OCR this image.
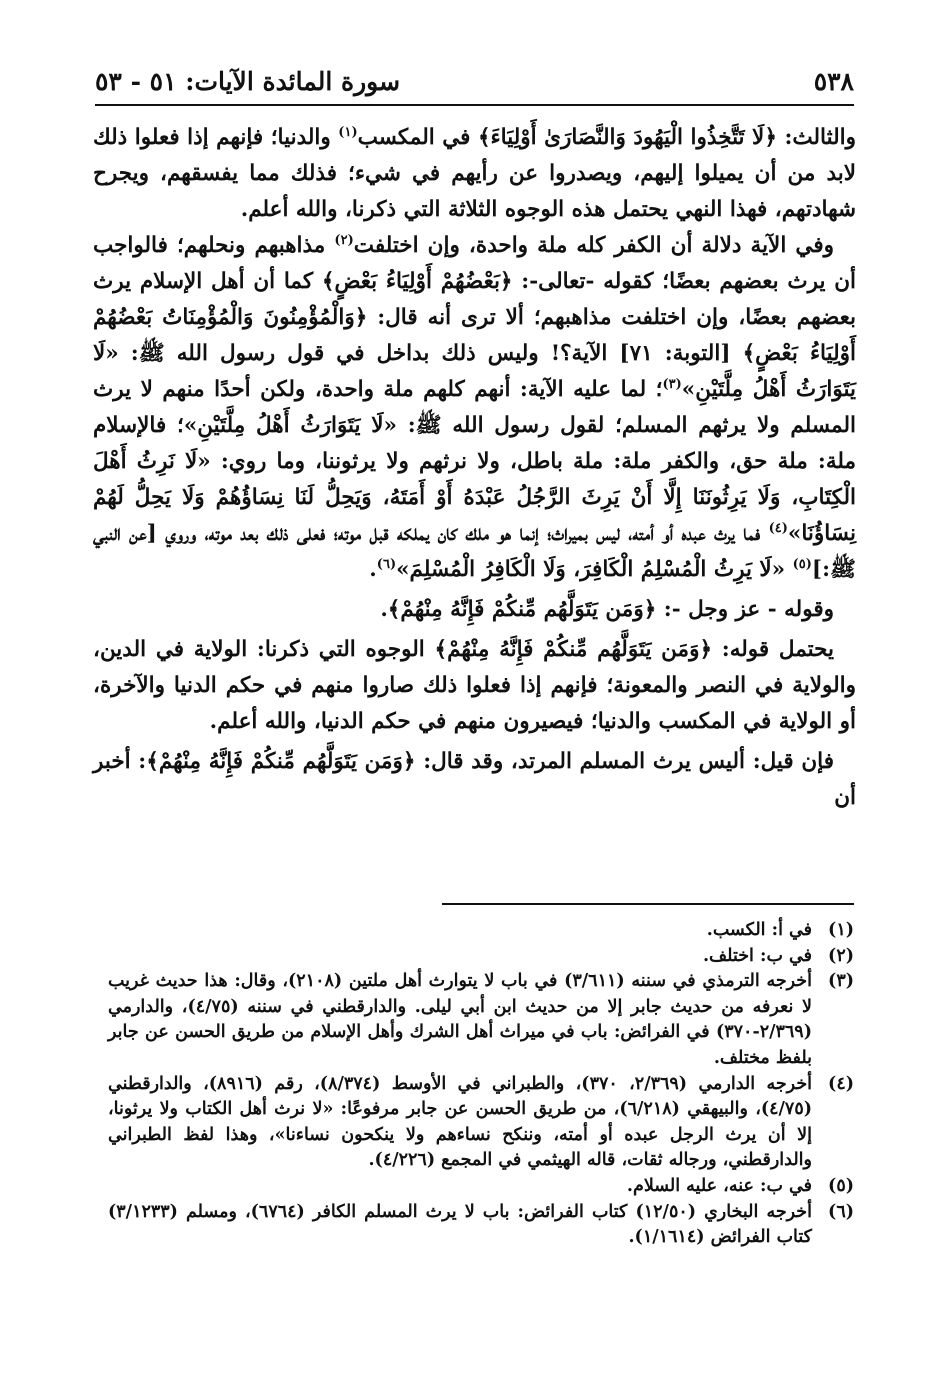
٥٣٨
سورة المائدة الآيات: ٥١ - ٥٣

والثالث: ﴿لَا تَتَّخِذُوا الْيَهُودَ وَالنَّصَارَىٰ أَوْلِيَاءَ﴾ في المكسب$^{(١)}$ والدنيا؛ فإنهم إذا فعلوا ذلك لابد من أن يميلوا إليهم، ويصدروا عن رأيهم في شيء؛ فذلك مما يفسقهم، ويجرح شهادتهم، فهذا النهي يحتمل هذه الوجوه الثلاثة التي ذكرنا، والله أعلم.

وفي الآية دلالة أن الكفر كله ملة واحدة، وإن اختلفت$^{(٢)}$ مذاهبهم ونحلهم؛ فالواجب أن يرث بعضهم بعضًا؛ كقوله -تعالى-: ﴿بَعْضُهُمْ أَوْلِيَاءُ بَعْضٍ﴾ كما أن أهل الإسلام يرث بعضهم بعضًا، وإن اختلفت مذاهبهم؛ ألا ترى أنه قال: ﴿وَالْمُؤْمِنُونَ وَالْمُؤْمِنَاتُ بَعْضُهُمْ أَوْلِيَاءُ بَعْضٍ﴾ [التوبة: ٧١] الآية؟! وليس ذلك بداخل في قول رسول الله ﷺ: «لَا يَتَوَارَثُ أَهْلُ مِلَّتَيْنِ»$^{(٣)}$؛ لما عليه الآية: أنهم كلهم ملة واحدة، ولكن أحدًا منهم لا يرث المسلم ولا يرثهم المسلم؛ لقول رسول الله ﷺ: «لَا يَتَوَارَثُ أَهْلُ مِلَّتَيْنِ»؛ فالإسلام ملة: ملة حق، والكفر ملة: ملة باطل، ولا نرثهم ولا يرثوننا، وما روي: «لَا نَرِثُ أَهْلَ الْكِتَابِ، وَلَا يَرِثُونَنَا إِلَّا أَنْ يَرِثَ الرَّجُلُ عَبْدَهُ أَوْ أَمَتَهُ، وَيَحِلُّ لَنَا نِسَاؤُهُمْ وَلَا يَحِلُّ لَهُمْ نِسَاؤُنَا»$^{(٤)}$ فما يرث عبده أو أمته، ليس بميراث؛ إنما هو ملك كان يملكه قبل موته؛ فعلى ذلك بعد موته، وروي [عن النبي ﷺ:]$^{(٥)}$ «لَا يَرِثُ الْمُسْلِمُ الْكَافِرَ، وَلَا الْكَافِرُ الْمُسْلِمَ»$^{(٦)}$.

وقوله - عز وجل -: ﴿وَمَن يَتَوَلَّهُم مِّنكُمْ فَإِنَّهُ مِنْهُمْ﴾.

يحتمل قوله: ﴿وَمَن يَتَوَلَّهُم مِّنكُمْ فَإِنَّهُ مِنْهُمْ﴾ الوجوه التي ذكرنا: الولاية في الدين، والولاية في النصر والمعونة؛ فإنهم إذا فعلوا ذلك صاروا منهم في حكم الدنيا والآخرة، أو الولاية في المكسب والدنيا؛ فيصيرون منهم في حكم الدنيا، والله أعلم.

فإن قيل: أليس يرث المسلم المرتد، وقد قال: ﴿وَمَن يَتَوَلَّهُم مِّنكُمْ فَإِنَّهُ مِنْهُمْ﴾: أخبر أن

(١)
في أ: الكسب.
(٢)
في ب: اختلف.
(٣)
أخرجه الترمذي في سننه (٣/٦١١) في باب لا يتوارث أهل ملتين (٢١٠٨)، وقال: هذا حديث غريب لا نعرفه من حديث جابر إلا من حديث ابن أبي ليلى. والدارقطني في سننه (٤/٧٥)، والدارمي (٢/٣٦٩-٣٧٠) في الفرائض: باب في ميراث أهل الشرك وأهل الإسلام من طريق الحسن عن جابر بلفظ مختلف.
(٤)
أخرجه الدارمي (٢/٣٦٩، ٣٧٠)، والطبراني في الأوسط (٨/٣٧٤)، رقم (٨٩١٦)، والدارقطني (٤/٧٥)، والبيهقي (٦/٢١٨)، من طريق الحسن عن جابر مرفوعًا: «لا نرث أهل الكتاب ولا يرثونا، إلا أن يرث الرجل عبده أو أمته، وننكح نساءهم ولا ينكحون نساءنا»، وهذا لفظ الطبراني والدارقطني، ورجاله ثقات، قاله الهيثمي في المجمع (٤/٢٢٦).
(٥)
في ب: عنه، عليه السلام.
(٦)
أخرجه البخاري (١٢/٥٠) كتاب الفرائض: باب لا يرث المسلم الكافر (٦٧٦٤)، ومسلم (٣/١٢٣٣) كتاب الفرائض (١/١٦١٤).
